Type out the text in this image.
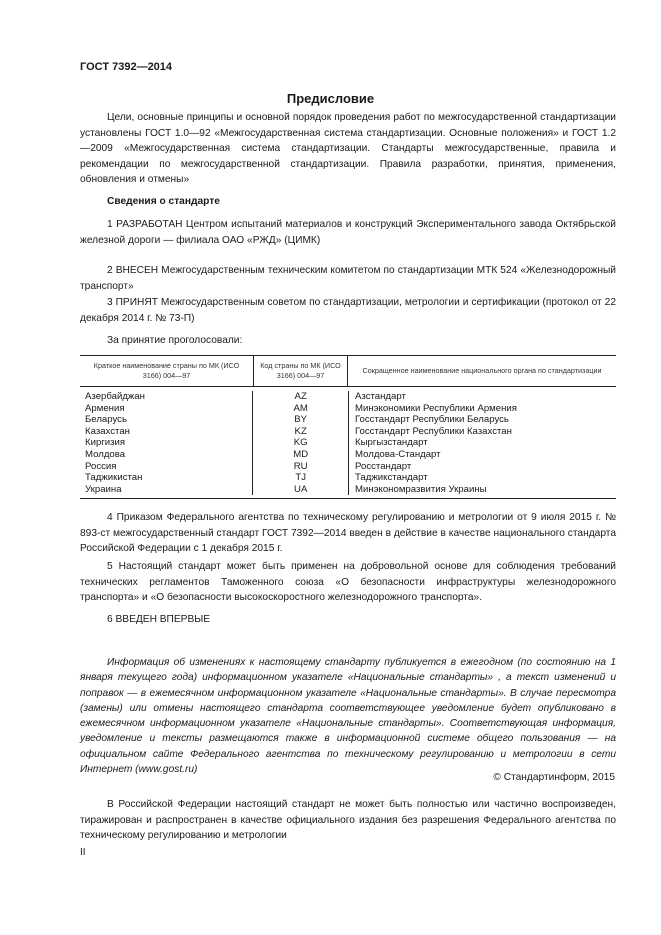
ГОСТ 7392—2014
Предисловие

Цели, основные принципы и основной порядок проведения работ по межгосударственной стандартизации установлены ГОСТ 1.0—92 «Межгосударственная система стандартизации. Основные положения» и ГОСТ 1.2—2009 «Межгосударственная система стандартизации. Стандарты межгосударственные, правила и рекомендации по межгосударственной стандартизации. Правила разработки, принятия, применения, обновления и отмены»

Сведения о стандарте

1 РАЗРАБОТАН Центром испытаний материалов и конструкций Экспериментального завода Октябрьской железной дороги — филиала ОАО «РЖД» (ЦИМК)

2 ВНЕСЕН Межгосударственным техническим комитетом по стандартизации МТК 524 «Железнодорожный транспорт»

3 ПРИНЯТ Межгосударственным советом по стандартизации, метрологии и сертификации (протокол от 22 декабря 2014 г. № 73-П)

За принятие проголосовали:

Краткое наименование страны по МК (ИСО 3166) 004—97
Код страны по МК (ИСО 3166) 004—97
Сокращенное наименование национального органа по стандартизации
Азербайджан
Армения
Беларусь
Казахстан
Киргизия
Молдова
Россия
Таджикистан
Украина
AZ
AM
BY
KZ
KG
MD
RU
TJ
UA
Азстандарт
Минэкономики Республики Армения
Госстандарт Республики Беларусь
Госстандарт Республики Казахстан
Кыргызстандарт
Молдова-Стандарт
Росстандарт
Таджикстандарт
Минэкономразвития Украины

4 Приказом Федерального агентства по техническому регулированию и метрологии от 9 июля 2015 г. № 893-ст межгосударственный стандарт ГОСТ 7392—2014 введен в действие в качестве национального стандарта Российской Федерации с 1 декабря 2015 г.

5 Настоящий стандарт может быть применен на добровольной основе для соблюдения требований технических регламентов Таможенного союза «О безопасности инфраструктуры железнодорожного транспорта» и «О безопасности высокоскоростного железнодорожного транспорта».

6 ВВЕДЕН ВПЕРВЫЕ

Информация об изменениях к настоящему стандарту публикуется в ежегодном (по состоянию на 1 января текущего года) информационном указателе «Национальные стандарты» , а текст изменений и поправок — в ежемесячном информационном указателе «Национальные стандарты». В случае пересмотра (замены) или отмены настоящего стандарта соответствующее уведомление будет опубликовано в ежемесячном информационном указателе «Национальные стандарты». Соответствующая информация, уведомление и тексты размещаются также в информационной системе общего пользования — на официальном сайте Федерального агентства по техническому регулированию и метрологии в сети Интернет (www.gost.ru)

© Стандартинформ, 2015

В Российской Федерации настоящий стандарт не может быть полностью или частично воспроизведен, тиражирован и распространен в качестве официального издания без разрешения Федерального агентства по техническому регулированию и метрологии

II
